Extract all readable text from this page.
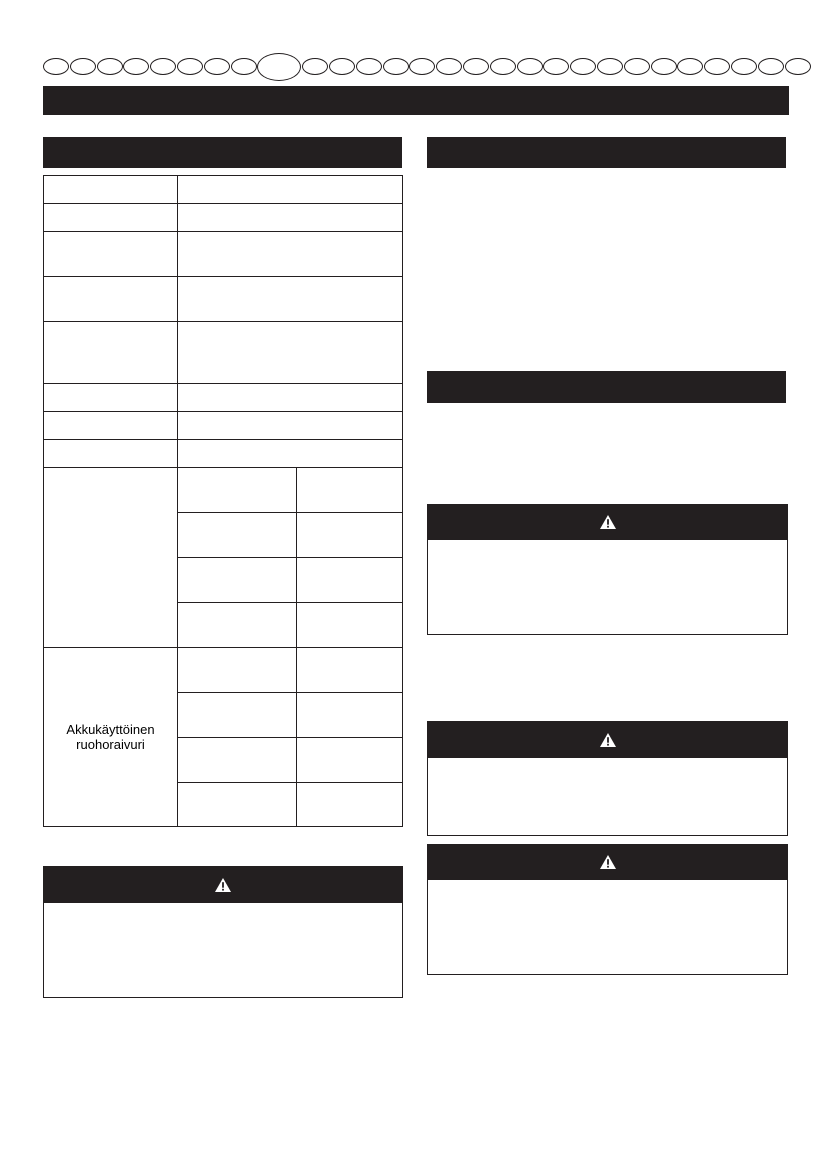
Akkukäyttöinen ruohoraivuri		
